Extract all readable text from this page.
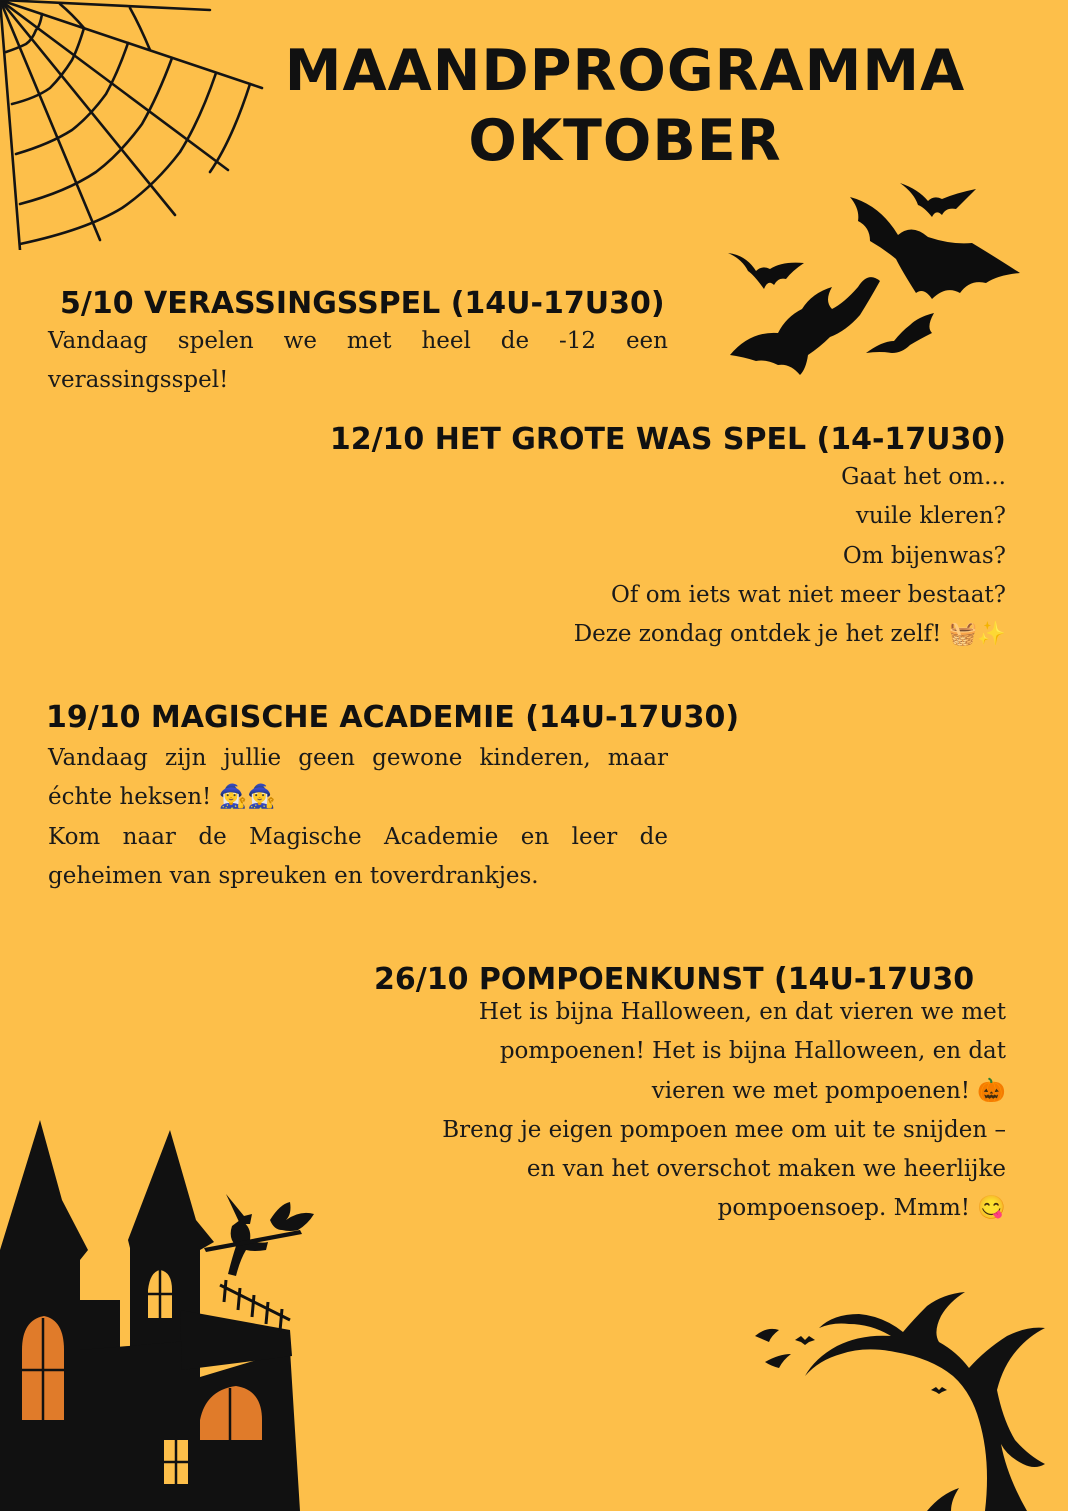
MAANDPROGRAMMA
OKTOBER
5/10 VERASSINGSSPEL (14U-17U30)
Vandaag spelen we met heel de -12 een verassingsspel!
12/10 HET GROTE WAS SPEL (14-17U30)
Gaat het om...
vuile kleren?
Om bijenwas?
Of om iets wat niet meer bestaat?
Deze zondag ontdek je het zelf! 🧺✨
19/10 MAGISCHE ACADEMIE (14U-17U30)
Vandaag zijn jullie geen gewone kinderen, maar échte heksen! 🧙‍♀️🧙‍♀️
Kom naar de Magische Academie en leer de geheimen van spreuken en toverdrankjes.
26/10 POMPOENKUNST (14U-17U30
Het is bijna Halloween, en dat vieren we met
pompoenen! Het is bijna Halloween, en dat
vieren we met pompoenen! 🎃
Breng je eigen pompoen mee om uit te snijden –
en van het overschot maken we heerlijke
pompoensoep. Mmm! 😋
